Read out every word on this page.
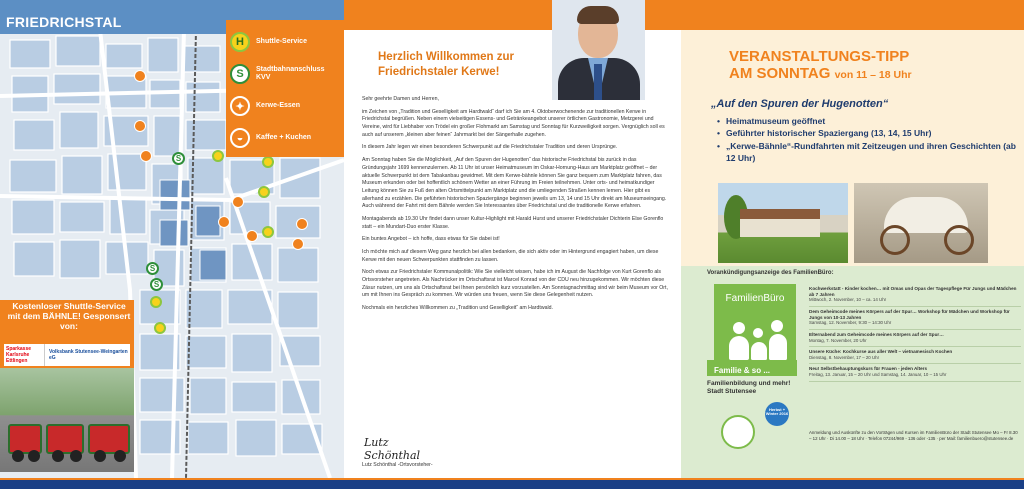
FRIEDRICHSTAL
S
S
S
H	Shuttle-Service
S	Stadtbahnanschluss KVV
✦	Kerwe-Essen
◒	Kaffee + Kuchen
Kostenloser Shuttle-Service mit dem BÄHNLE! Gesponsert von:
Sparkasse Karlsruhe Ettlingen
Volksbank Stutensee-Weingarten eG
Herzlich Willkommen zur Friedrichstaler Kerwe!

Sehr geehrte Damen und Herren,

im Zeichen von „Tradition und Geselligkeit am Hardtwald“ darf ich Sie am 4. Oktoberwochenende zur traditionellen Kerwe in Friedrichstal begrüßen. Neben einem vielseitigen Essens- und Getränkeangebot unserer örtlichen Gastronomie, Metzgerei und Vereine, wird für Liebhaber von Trödel ein großer Flohmarkt am Samstag und Sonntag für Kurzweiligkeit sorgen. Vergnüglich soll es auch auf unserem „kleinen aber feinen“ Jahrmarkt bei der Sängerhalle zugehen.

In diesem Jahr legen wir einen besonderen Schwerpunkt auf die Friedrichstaler Tradition und deren Ursprünge.

Am Sonntag haben Sie die Möglichkeit, „Auf den Spuren der Hugenotten“ das historische Friedrichstal bis zurück in das Gründungsjahr 1699 kennenzulernen. Ab 11 Uhr ist unser Heimatmuseum im Oskar-Hornung-Haus am Marktplatz geöffnet – der aktuelle Schwerpunkt ist dem Tabakanbau gewidmet. Mit dem Kerwe-bähnle können Sie ganz bequem zum Marktplatz fahren, das Museum erkunden oder bei hoffentlich schönem Wetter an einer Führung im Freien teilnehmen. Unter orts- und heimatkundiger Leitung können Sie zu Fuß den alten Ortsmittelpunkt am Marktplatz und die umliegenden Straßen kennen lernen. Hier gibt es allerhand zu erzählen. Die geführten historischen Spaziergänge beginnen jeweils um 13, 14 und 15 Uhr direkt am Museumseingang. Auch während der Fahrt mit dem Bähnle werden Sie Interessantes über Friedrichstal und die traditionelle Kerwe erfahren.

Montagabends ab 19.30 Uhr findet dann unser Kultur-Highlight mit Harald Hurst und unserer Friedrichstaler Dichterin Else Gorenflo statt – ein Mundart-Duo erster Klasse.

Ein buntes Angebot – ich hoffe, dass etwas für Sie dabei ist!

Ich möchte mich auf diesem Weg ganz herzlich bei allen bedanken, die sich aktiv oder im Hintergrund engagiert haben, um diese Kerwe mit den neuen Schwerpunkten stattfinden zu lassen.

Noch etwas zur Friedrichstaler Kommunalpolitik: Wie Sie vielleicht wissen, habe ich im August die Nachfolge von Kurt Gorenflo als Ortsvorsteher angetreten. Als Nachrücker im Ortschaftsrat ist Marcel Konrad von der CDU neu hinzugekommen. Wir möchten diese Zäsur nutzen, um uns als Ortschaftsrat bei Ihnen persönlich kurz vorzustellen. Am Sonntagnachmittag sind wir beim Museum vor Ort, um mit Ihnen ins Gespräch zu kommen. Wir würden uns freuen, wenn Sie diese Gelegenheit nutzen.

Nochmals ein herzliches Willkommen zu „Tradition und Geselligkeit“ am Hardtwald.

Lutz Schönthal
Lutz Schönthal -Ortsvorsteher-
VERANSTALTUNGS-TIPP
AM SONNTAG von 11 – 18 Uhr
„Auf den Spuren der Hugenotten“
• Heimatmuseum geöffnet
• Geführter historischer Spaziergang (13, 14, 15 Uhr)
• „Kerwe-Bähnle“-Rundfahrten mit Zeitzeugen und ihren Geschichten (ab 12 Uhr)
Vorankündigungsanzeige des FamilienBüro:
FamilienBüro
Familie & so ...
Familienbildung und mehr! Stadt Stutensee
Herbst + Winter 2016
Kochwerkstatt - Kinder kochen… mit Omas und Opas der Tagespflege Für Jungs und Mädchen ab 7 Jahren
Mittwoch, 2. November, 10 – ca. 14 Uhr
Dem Geheimcode meines Körpers auf der Spur… Workshop für Mädchen und Workshop für Jungs von 10-13 Jahren
Samstag, 12. November, 9:30 – 14:30 Uhr
Elternabend zum Geheimcode meines Körpers auf der Spur…
Montag, 7. November, 20 Uhr
Unsere Küche: Kochkurse aus aller Welt – vietnamesisch Kochen
Dienstag, 8. November, 17 – 20 Uhr
Neu! Selbstbehauptungskurs für Frauen - jeden Alters
Freitag, 13. Januar, 15 – 20 Uhr und Samstag, 14. Januar, 10 – 15 Uhr
Anmeldung und Auskünfte zu den Vorträgen und Kursen im FamilienBüro der Stadt Stutensee Mo – Fr 8.30 – 12 Uhr · Di 14.00 – 18 Uhr · Telefon 07244/969 - 136 oder -135 · per Mail: familienbuero@stutensee.de
